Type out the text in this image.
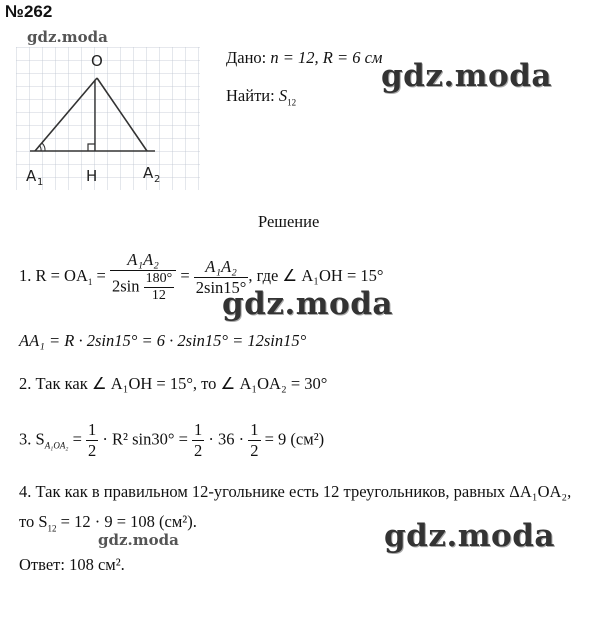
№262
gdz.moda
O
H
A 1
A 2
Дано: n = 12, R = 6 см
gdz.moda
Найти: $S_{12}$
Решение
1. $R = OA_1 = \frac{\text{A₁A₂}}{2\sin \frac{180^\circ}{12}} = \frac{\text{A₁A₂}}{2\sin 15^\circ}$ , где ∠ A₁OH = 15°
gdz.moda
AA₁ = R · 2sin15° = 6 · 2sin15° = 12sin15°
2. Так как ∠ A₁OH = 15°, то ∠ A₁OA₂ = 30°
3. $S_{A_1OA_2} = \frac{1}{2} \cdot R^2$ $\sin 30^\circ = \frac{1}{2} \cdot 36 \cdot \frac{1}{2} = 9$ (см²)
4. Так как в правильном 12-угольнике есть 12 треугольников, равных ΔA₁OA₂,
то $S_{12} = 12 \cdot 9 = 108$ (см²).	gdz.moda
gdz.moda
Ответ: 108 см².
